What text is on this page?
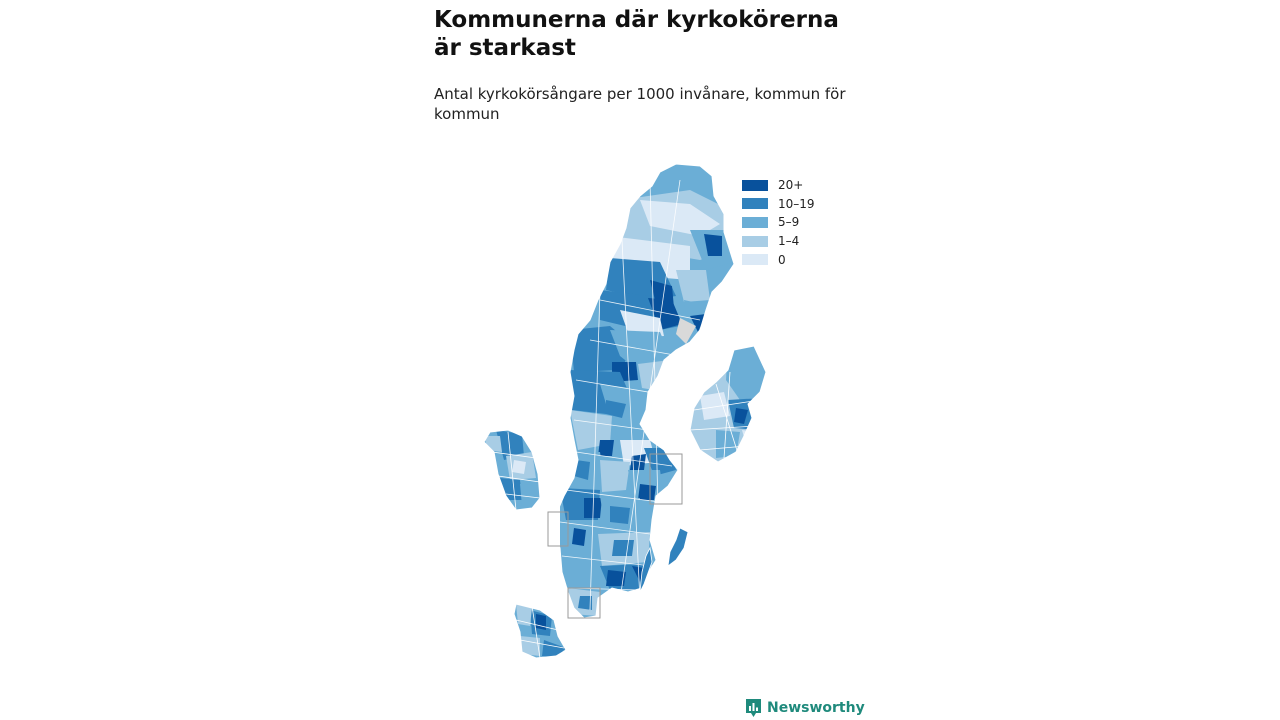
Kommunerna där kyrkokörerna är starkast

Antal kyrkokörsångare per 1000 invånare, kommun för kommun

20+
10–19
5–9
1–4
0
Newsworthy
